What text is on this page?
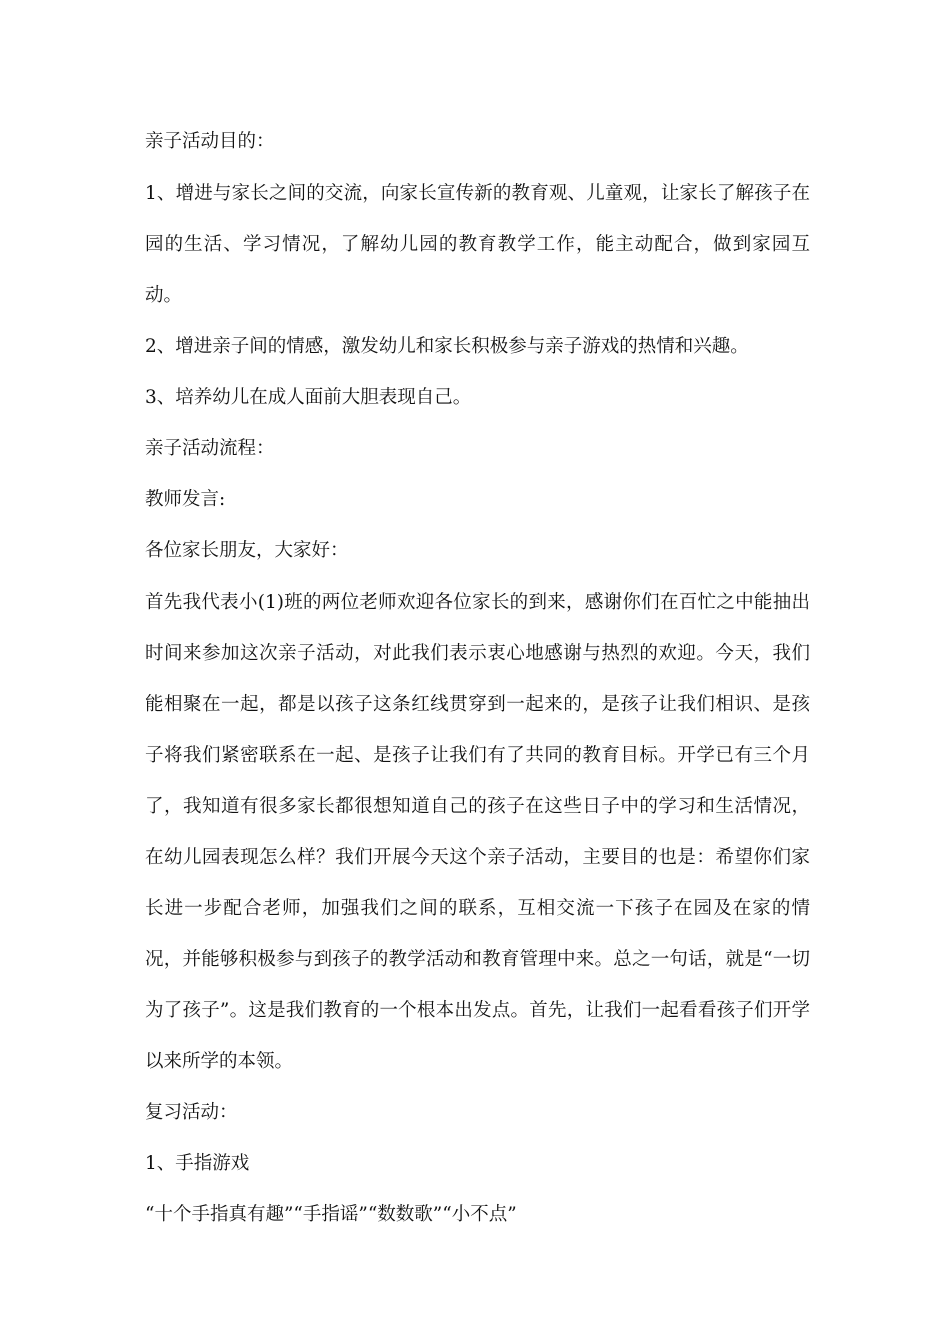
亲子活动目的：

1、增进与家长之间的交流，向家长宣传新的教育观、儿童观，让家长了解孩子在园的生活、学习情况，了解幼儿园的教育教学工作，能主动配合，做到家园互动。

2、增进亲子间的情感，激发幼儿和家长积极参与亲子游戏的热情和兴趣。

3、培养幼儿在成人面前大胆表现自己。

亲子活动流程：

教师发言:

各位家长朋友，大家好：

首先我代表小(1)班的两位老师欢迎各位家长的到来，感谢你们在百忙之中能抽出时间来参加这次亲子活动，对此我们表示衷心地感谢与热烈的欢迎。今天，我们能相聚在一起，都是以孩子这条红线贯穿到一起来的，是孩子让我们相识、是孩子将我们紧密联系在一起、是孩子让我们有了共同的教育目标。开学已有三个月了，我知道有很多家长都很想知道自己的孩子在这些日子中的学习和生活情况，在幼儿园表现怎么样？我们开展今天这个亲子活动，主要目的也是：希望你们家长进一步配合老师，加强我们之间的联系，互相交流一下孩子在园及在家的情况，并能够积极参与到孩子的教学活动和教育管理中来。总之一句话，就是“一切为了孩子”。这是我们教育的一个根本出发点。首先，让我们一起看看孩子们开学以来所学的本领。

复习活动：

1、手指游戏

“十个手指真有趣”“手指谣”“数数歌”“小不点”
